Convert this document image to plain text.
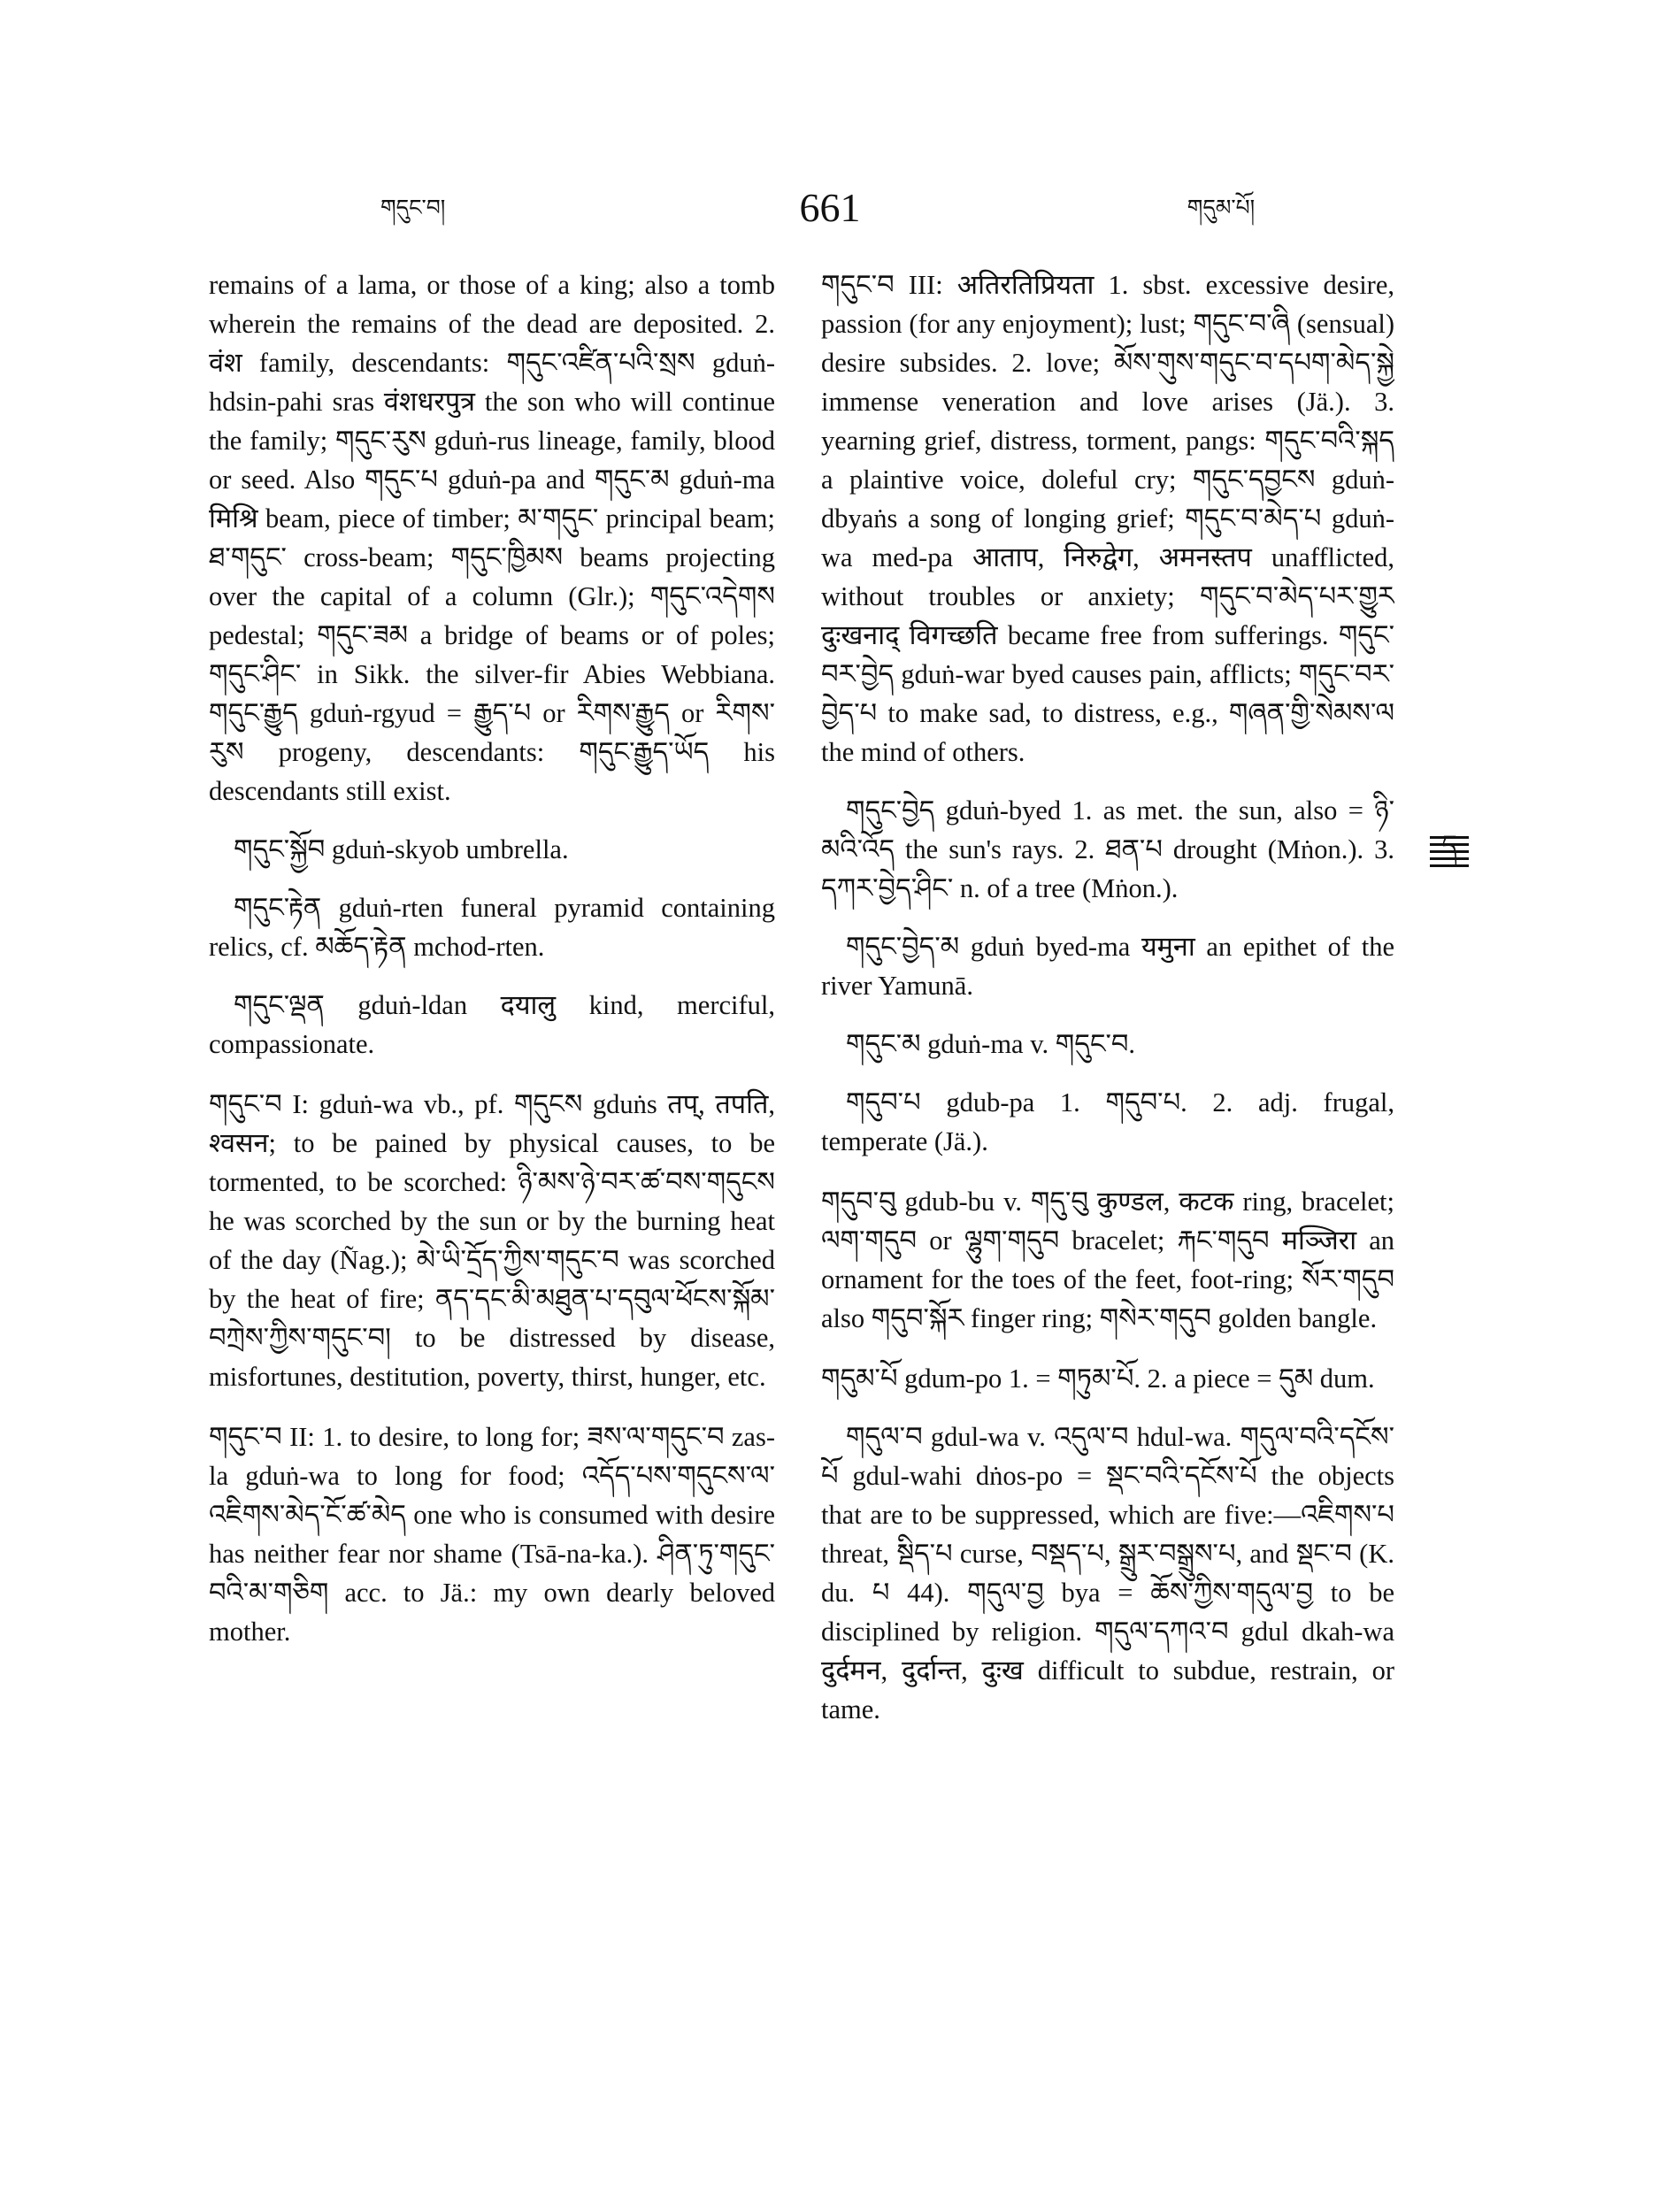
གདུང་བ།	661	གདུམ་པོ།

remains of a lama, or those of a king; also a tomb wherein the remains of the dead are deposited. 2. वंश family, descendants: གདུང་འཛིན་པའི་སྲས gduṅ-hdsin-pahi sras वंशधरपुत्र the son who will continue the family; གདུང་རུས gduṅ-rus lineage, family, blood or seed. Also གདུང་པ gduṅ-pa and གདུང་མ gduṅ-ma मिश्रि beam, piece of timber; མ་གདུང་ principal beam; ཐ་གདུང་ cross-beam; གདུང་ཁྱིམས beams projecting over the capital of a column (Glr.); གདུང་འདེགས pedestal; གདུང་ཟམ a bridge of beams or of poles; གདུང་ཤིང་ in Sikk. the silver-fir Abies Webbiana. གདུང་རྒྱུད gduṅ-rgyud = རྒྱུད་པ or རིགས་རྒྱུད or རིགས་རུས progeny, descendants: གདུང་རྒྱུད་ཡོད his descendants still exist.

གདུང་སྐྱོབ gduṅ-skyob umbrella.

གདུང་རྟེན gduṅ-rten funeral pyramid containing relics, cf. མཆོད་རྟེན mchod-rten.

གདུང་ལྡན gduṅ-ldan दयालु kind, merciful, compassionate.

གདུང་བ I: gduṅ-wa vb., pf. གདུངས gduṅs तप्, तपति, श्वसन; to be pained by physical causes, to be tormented, to be scorched: ཉི་མས་ཉེ་བར་ཚ་བས་གདུངས he was scorched by the sun or by the burning heat of the day (Ñag.); མེ་ཡི་དྲོད་ཀྱིས་གདུང་བ was scorched by the heat of fire; ནད་དང་མི་མཐུན་པ་དབུལ་ཕོངས་སྐོམ་བཀྲེས་ཀྱིས་གདུང་བ། to be distressed by disease, misfortunes, destitution, poverty, thirst, hunger, etc.

གདུང་བ II: 1. to desire, to long for; ཟས་ལ་གདུང་བ zas-la gduṅ-wa to long for food; འདོད་པས་གདུངས་ལ་འཇིགས་མེད་ངོ་ཚ་མེད one who is consumed with desire has neither fear nor shame (Tsā-na-ka.). ཤིན་ཏུ་གདུང་བའི་མ་གཅིག acc. to Jä.: my own dearly beloved mother.

གདུང་བ III: अतिरतिप्रियता 1. sbst. excessive desire, passion (for any enjoyment); lust; གདུང་བ་ཞི (sensual) desire subsides. 2. love; མོས་གུས་གདུང་བ་དཔག་མེད་སྐྱེ immense veneration and love arises (Jä.). 3. yearning grief, distress, torment, pangs: གདུང་བའི་སྐད a plaintive voice, doleful cry; གདུང་དབྱངས gduṅ-dbyaṅs a song of longing grief; གདུང་བ་མེད་པ gduṅ-wa med-pa आताप, निरुद्वेग, अमनस्तप unafflicted, without troubles or anxiety; གདུང་བ་མེད་པར་གྱུར दुःखनाद् विगच्छति became free from sufferings. གདུང་བར་བྱེད gduṅ-war byed causes pain, afflicts; གདུང་བར་བྱེད་པ to make sad, to distress, e.g., གཞན་གྱི་སེམས་ལ the mind of others.

གདུང་བྱེད gduṅ-byed 1. as met. the sun, also = ཉི་མའི་འོད the sun's rays. 2. ཐན་པ drought (Mṅon.). 3. དཀར་བྱེད་ཤིང་ n. of a tree (Mṅon.).

གདུང་བྱེད་མ gduṅ byed-ma यमुना an epithet of the river Yamunā.

གདུང་མ gduṅ-ma v. གདུང་བ.

གདུབ་པ gdub-pa 1. གདུབ་པ. 2. adj. frugal, temperate (Jä.).

གདུབ་བུ gdub-bu v. གདུ་བུ कुण्डल, कटक ring, bracelet; ལག་གདུབ or ལྷུག་གདུབ bracelet; རྐང་གདུབ मञ्जिरा an ornament for the toes of the feet, foot-ring; སོར་གདུབ also གདུབ་སྐོར finger ring; གསེར་གདུབ golden bangle.

གདུམ་པོ gdum-po 1. = གཏུམ་པོ. 2. a piece = དུམ dum.

གདུལ་བ gdul-wa v. འདུལ་བ hdul-wa. གདུལ་བའི་དངོས་པོ gdul-wahi dṅos-po = སྡང་བའི་དངོས་པོ the objects that are to be suppressed, which are five:—འཇིགས་པ threat, སྡིད་པ curse, བསྡད་པ, སྒྲུར་བསྒྲུས་པ, and སྡང་བ (K. du. པ 44). གདུལ་བྱ bya = ཆོས་ཀྱིས་གདུལ་བྱ to be disciplined by religion. གདུལ་དཀའ་བ gdul dkah-wa दुर्दमन, दुर्दान्त, दुःख difficult to subdue, restrain, or tame.

ད
